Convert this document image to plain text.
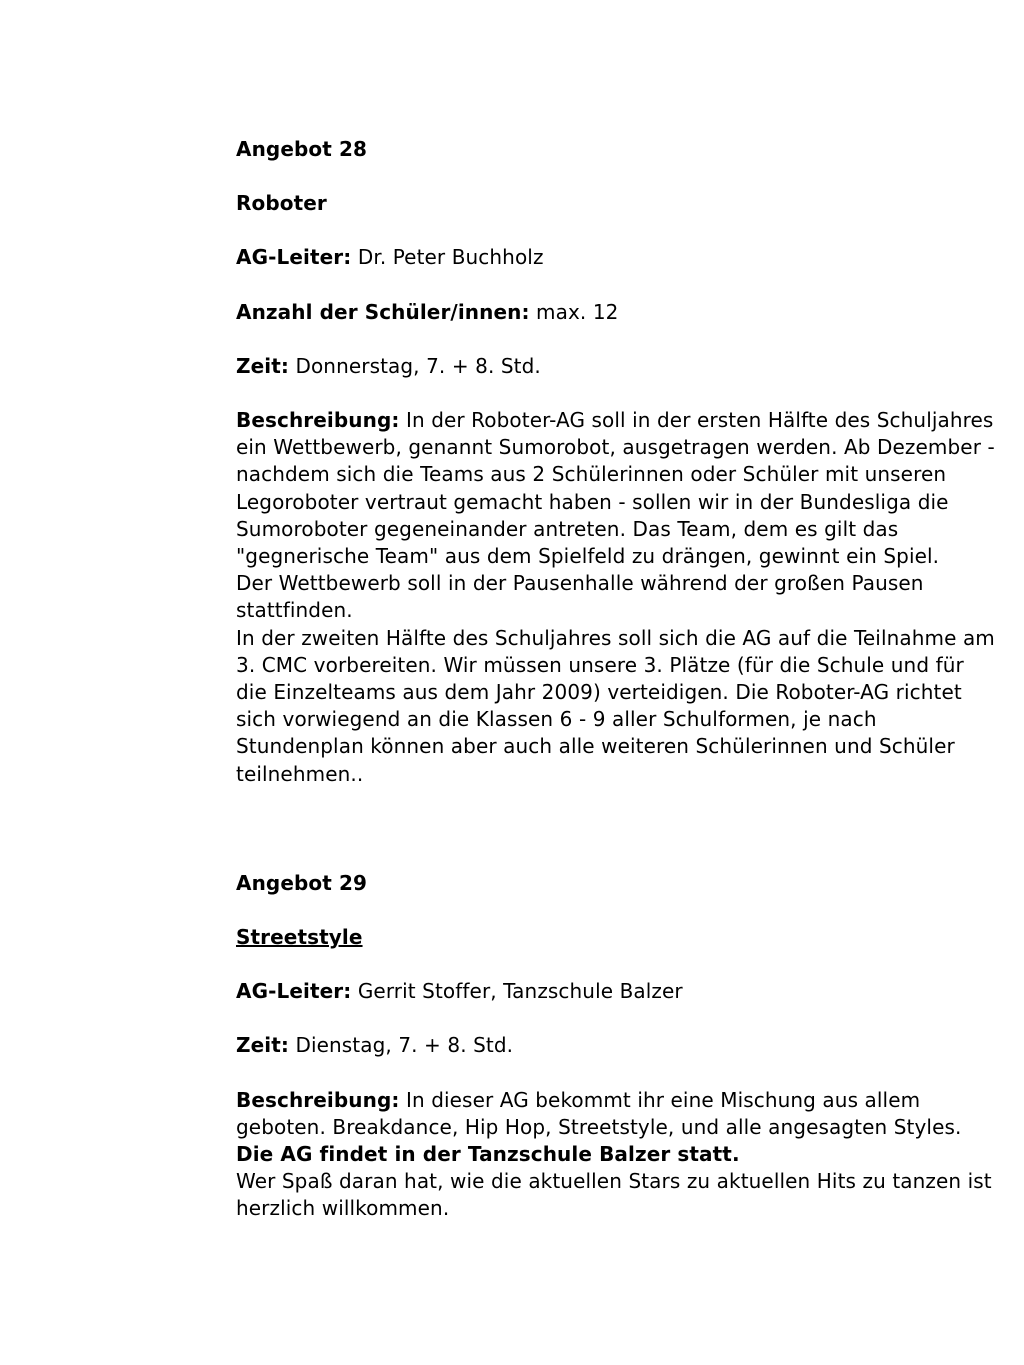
Angebot 28

Roboter

AG-Leiter: Dr. Peter Buchholz

Anzahl der Schüler/innen: max. 12

Zeit: Donnerstag, 7. + 8. Std.

Beschreibung: In der Roboter-AG soll in der ersten Hälfte des Schuljahres ein Wettbewerb, genannt Sumorobot, ausgetragen werden. Ab Dezember - nachdem sich die Teams aus 2 Schülerinnen oder Schüler mit unseren Legoroboter vertraut gemacht haben - sollen wir in der Bundesliga die Sumoroboter gegeneinander antreten. Das Team, dem es gilt das "gegnerische Team" aus dem Spielfeld zu drängen, gewinnt ein Spiel.

Der Wettbewerb soll in der Pausenhalle während der großen Pausen stattfinden.

In der zweiten Hälfte des Schuljahres soll sich die AG auf die Teilnahme am 3. CMC vorbereiten. Wir müssen unsere 3. Plätze (für die Schule und für die Einzelteams aus dem Jahr 2009) verteidigen. Die Roboter-AG richtet sich vorwiegend an die Klassen 6 - 9 aller Schulformen, je nach Stundenplan können aber auch alle weiteren Schülerinnen und Schüler teilnehmen..

Angebot 29

Streetstyle

AG-Leiter: Gerrit Stoffer, Tanzschule Balzer

Zeit: Dienstag, 7. + 8. Std.

Beschreibung: In dieser AG bekommt ihr eine Mischung aus allem geboten. Breakdance, Hip Hop, Streetstyle, und alle angesagten Styles.

Die AG findet in der Tanzschule Balzer statt.

Wer Spaß daran hat, wie die aktuellen Stars zu aktuellen Hits zu tanzen ist herzlich willkommen.
